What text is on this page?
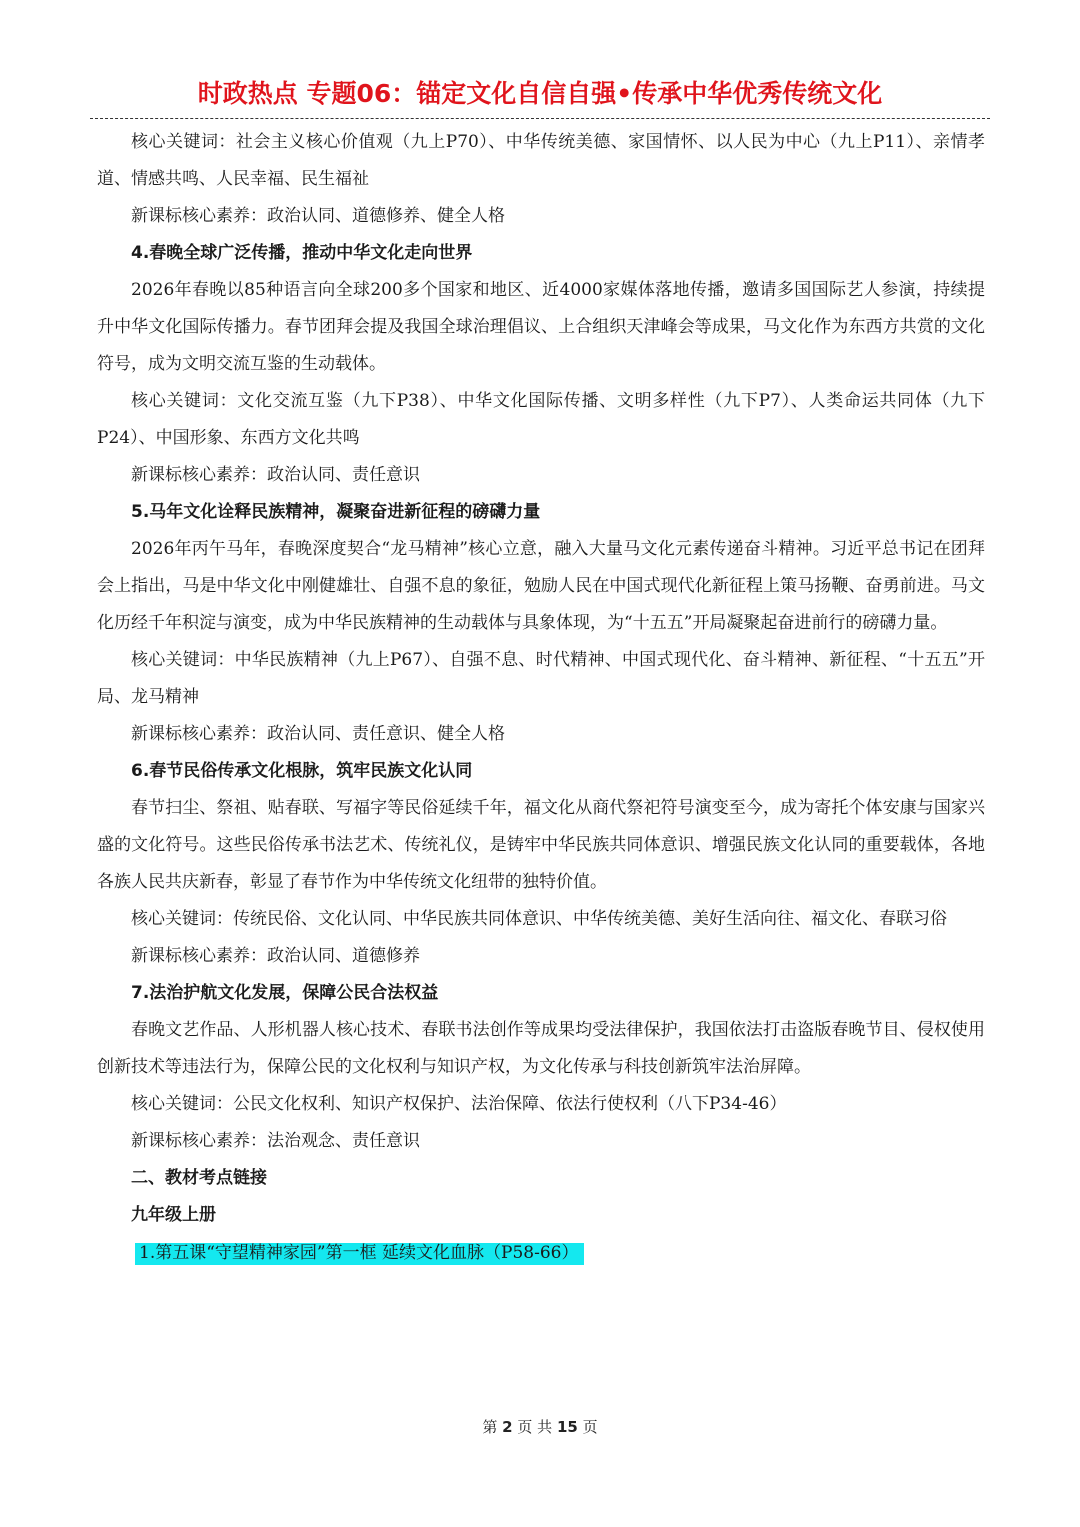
时政热点 专题06：锚定文化自信自强•传承中华优秀传统文化

核心关键词：社会主义核心价值观（九上P70）、中华传统美德、家国情怀、以人民为中心（九上P11）、亲情孝道、情感共鸣、人民幸福、民生福祉

新课标核心素养：政治认同、道德修养、健全人格

4.春晚全球广泛传播，推动中华文化走向世界

2026年春晚以85种语言向全球200多个国家和地区、近4000家媒体落地传播，邀请多国国际艺人参演，持续提升中华文化国际传播力。春节团拜会提及我国全球治理倡议、上合组织天津峰会等成果，马文化作为东西方共赏的文化符号，成为文明交流互鉴的生动载体。

核心关键词：文化交流互鉴（九下P38）、中华文化国际传播、文明多样性（九下P7）、人类命运共同体（九下P24）、中国形象、东西方文化共鸣

新课标核心素养：政治认同、责任意识

5.马年文化诠释民族精神，凝聚奋进新征程的磅礴力量

2026年丙午马年，春晚深度契合“龙马精神”核心立意，融入大量马文化元素传递奋斗精神。习近平总书记在团拜会上指出，马是中华文化中刚健雄壮、自强不息的象征，勉励人民在中国式现代化新征程上策马扬鞭、奋勇前进。马文化历经千年积淀与演变，成为中华民族精神的生动载体与具象体现，为“十五五”开局凝聚起奋进前行的磅礴力量。

核心关键词：中华民族精神（九上P67）、自强不息、时代精神、中国式现代化、奋斗精神、新征程、“十五五”开局、龙马精神

新课标核心素养：政治认同、责任意识、健全人格

6.春节民俗传承文化根脉，筑牢民族文化认同

春节扫尘、祭祖、贴春联、写福字等民俗延续千年，福文化从商代祭祀符号演变至今，成为寄托个体安康与国家兴盛的文化符号。这些民俗传承书法艺术、传统礼仪，是铸牢中华民族共同体意识、增强民族文化认同的重要载体，各地各族人民共庆新春，彰显了春节作为中华传统文化纽带的独特价值。

核心关键词：传统民俗、文化认同、中华民族共同体意识、中华传统美德、美好生活向往、福文化、春联习俗

新课标核心素养：政治认同、道德修养

7.法治护航文化发展，保障公民合法权益

春晚文艺作品、人形机器人核心技术、春联书法创作等成果均受法律保护，我国依法打击盗版春晚节目、侵权使用创新技术等违法行为，保障公民的文化权利与知识产权，为文化传承与科技创新筑牢法治屏障。

核心关键词：公民文化权利、知识产权保护、法治保障、依法行使权利（八下P34-46）

新课标核心素养：法治观念、责任意识

二、教材考点链接

九年级上册

1.第五课“守望精神家园”第一框 延续文化血脉（P58-66）

第 2 页 共 15 页
